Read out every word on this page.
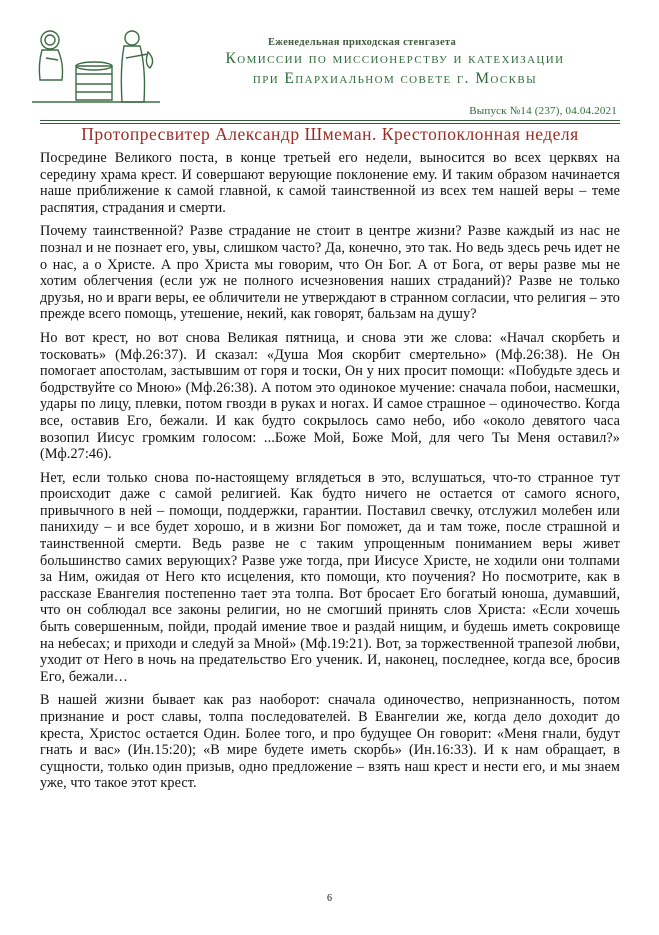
Еженедельная приходская стенгазета
Комиссии по миссионерству и катехизации
при Епархиальном совете г. Москвы
Выпуск №14 (237), 04.04.2021
Протопресвитер Александр Шмеман. Крестопоклонная неделя

Посредине Великого поста, в конце третьей его недели, выносится во всех церквях на середину храма крест. И совершают верующие поклонение ему. И таким образом начинается наше приближение к самой главной, к самой таинственной из всех тем нашей веры – теме распятия, страдания и смерти.

Почему таинственной? Разве страдание не стоит в центре жизни? Разве каждый из нас не познал и не познает его, увы, слишком часто? Да, конечно, это так. Но ведь здесь речь идет не о нас, а о Христе. А про Христа мы говорим, что Он Бог. А от Бога, от веры разве мы не хотим облегчения (если уж не полного исчезновения наших страданий)? Разве не только друзья, но и враги веры, ее обличители не утверждают в странном согласии, что религия – это прежде всего помощь, утешение, некий, как говорят, бальзам на душу?

Но вот крест, но вот снова Великая пятница, и снова эти же слова: «Начал скорбеть и тосковать» (Мф.26:37). И сказал: «Душа Моя скорбит смертельно» (Мф.26:38). Не Он помогает апостолам, застывшим от горя и тоски, Он у них просит помощи: «Побудьте здесь и бодрствуйте со Мною» (Мф.26:38). А потом это одинокое мучение: сначала побои, насмешки, удары по лицу, плевки, потом гвозди в руках и ногах. И самое страшное – одиночество. Когда все, оставив Его, бежали. И как будто сокрылось само небо, ибо «около девятого часа возопил Иисус громким голосом: ...Боже Мой, Боже Мой, для чего Ты Меня оставил?» (Мф.27:46).

Нет, если только снова по-настоящему вглядеться в это, вслушаться, что-то странное тут происходит даже с самой религией. Как будто ничего не остается от самого ясного, привычного в ней – помощи, поддержки, гарантии. Поставил свечку, отслужил молебен или панихиду – и все будет хорошо, и в жизни Бог поможет, да и там тоже, после страшной и таинственной смерти. Ведь разве не с таким упрощенным пониманием веры живет большинство самих верующих? Разве уже тогда, при Иисусе Христе, не ходили они толпами за Ним, ожидая от Него кто исцеления, кто помощи, кто поучения? Но посмотрите, как в рассказе Евангелия постепенно тает эта толпа. Вот бросает Его богатый юноша, думавший, что он соблюдал все законы религии, но не смогший принять слов Христа: «Если хочешь быть совершенным, пойди, продай имение твое и раздай нищим, и будешь иметь сокровище на небесах; и приходи и следуй за Мной» (Мф.19:21). Вот, за торжественной трапезой любви, уходит от Него в ночь на предательство Его ученик. И, наконец, последнее, когда все, бросив Его, бежали…

В нашей жизни бывает как раз наоборот: сначала одиночество, непризнанность, потом признание и рост славы, толпа последователей. В Евангелии же, когда дело доходит до креста, Христос остается Один. Более того, и про будущее Он говорит: «Меня гнали, будут гнать и вас» (Ин.15:20); «В мире будете иметь скорбь» (Ин.16:33). И к нам обращает, в сущности, только один призыв, одно предложение – взять наш крест и нести его, и мы знаем уже, что такое этот крест.

6
